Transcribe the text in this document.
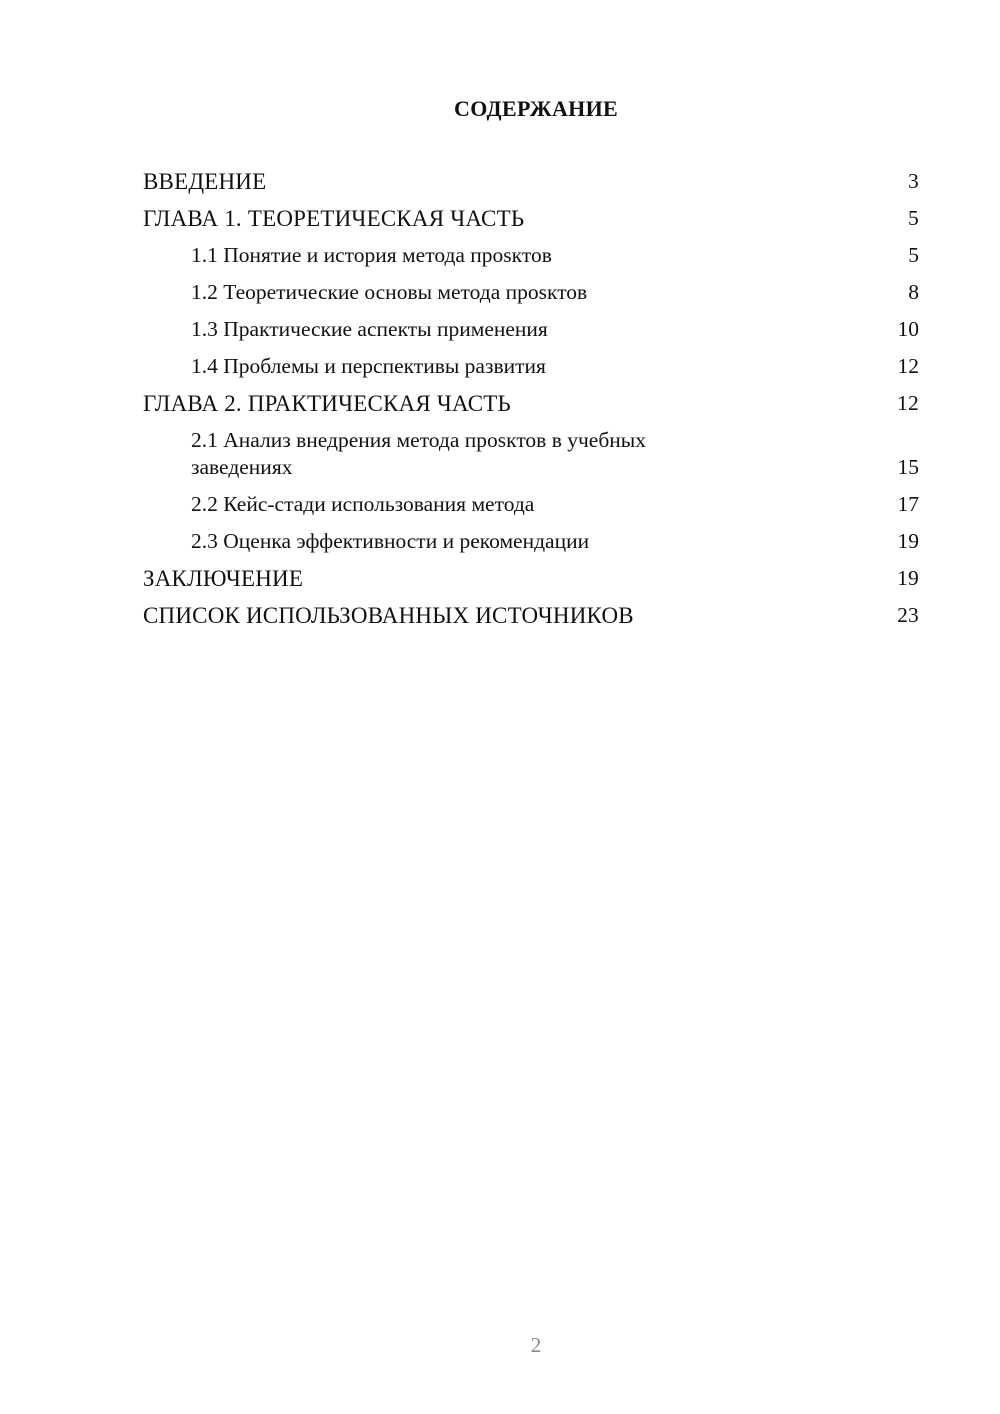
СОДЕРЖАНИЕ
ВВЕДЕНИЕ	3
ГЛАВА 1. ТЕОРЕТИЧЕСКАЯ ЧАСТЬ	5
1.1 Понятие и история метода проsктов	5
1.2 Теоретические основы метода проsктов	8
1.3 Практические аспекты применения	10
1.4 Проблемы и перспективы развития	12
ГЛАВА 2. ПРАКТИЧЕСКАЯ ЧАСТЬ	12
2.1 Анализ внедрения метода проsктов в учебных заведениях	15
2.2 Кейс-стади использования метода	17
2.3 Оценка эффективности и рекомендации	19
ЗАКЛЮЧЕНИЕ	19
СПИСОК ИСПОЛЬЗОВАННЫХ ИСТОЧНИКОВ	23
2
